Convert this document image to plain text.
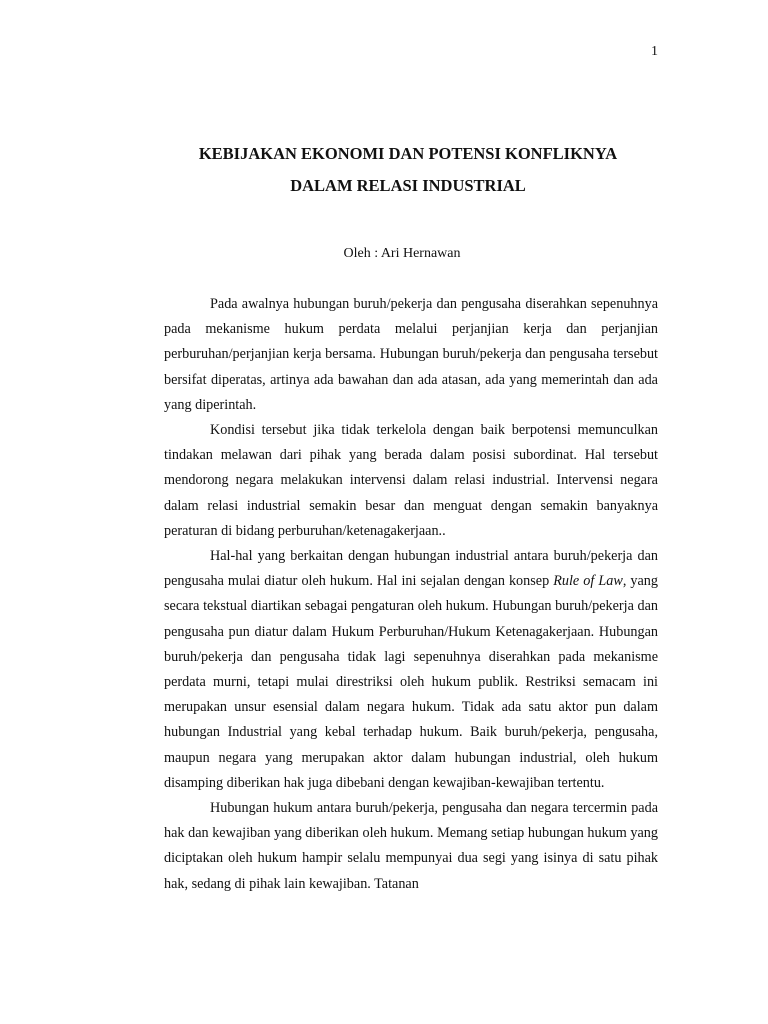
1
KEBIJAKAN EKONOMI DAN POTENSI KONFLIKNYA
DALAM RELASI INDUSTRIAL
Oleh : Ari Hernawan

Pada awalnya hubungan buruh/pekerja dan pengusaha diserahkan sepenuhnya pada mekanisme hukum perdata melalui perjanjian kerja dan perjanjian perburuhan/perjanjian kerja bersama. Hubungan buruh/pekerja dan pengusaha tersebut bersifat diperatas, artinya ada bawahan dan ada atasan, ada yang memerintah dan ada yang diperintah.

Kondisi tersebut jika tidak terkelola dengan baik berpotensi memunculkan tindakan melawan dari pihak yang berada dalam posisi subordinat. Hal tersebut mendorong negara melakukan intervensi dalam relasi industrial. Intervensi negara dalam relasi industrial semakin besar dan menguat dengan semakin banyaknya peraturan di bidang perburuhan/ketenagakerjaan..

Hal-hal yang berkaitan dengan hubungan industrial antara buruh/pekerja dan pengusaha mulai diatur oleh hukum. Hal ini sejalan dengan konsep Rule of Law, yang secara tekstual diartikan sebagai pengaturan oleh hukum. Hubungan buruh/pekerja dan pengusaha pun diatur dalam Hukum Perburuhan/Hukum Ketenagakerjaan. Hubungan buruh/pekerja dan pengusaha tidak lagi sepenuhnya diserahkan pada mekanisme perdata murni, tetapi mulai direstriksi oleh hukum publik. Restriksi semacam ini merupakan unsur esensial dalam negara hukum. Tidak ada satu aktor pun dalam hubungan Industrial yang kebal terhadap hukum. Baik buruh/pekerja, pengusaha, maupun negara yang merupakan aktor dalam hubungan industrial, oleh hukum disamping diberikan hak juga dibebani dengan kewajiban-kewajiban tertentu.

Hubungan hukum antara buruh/pekerja, pengusaha dan negara tercermin pada hak dan kewajiban yang diberikan oleh hukum. Memang setiap hubungan hukum yang diciptakan oleh hukum hampir selalu mempunyai dua segi yang isinya di satu pihak hak, sedang di pihak lain kewajiban. Tatanan
